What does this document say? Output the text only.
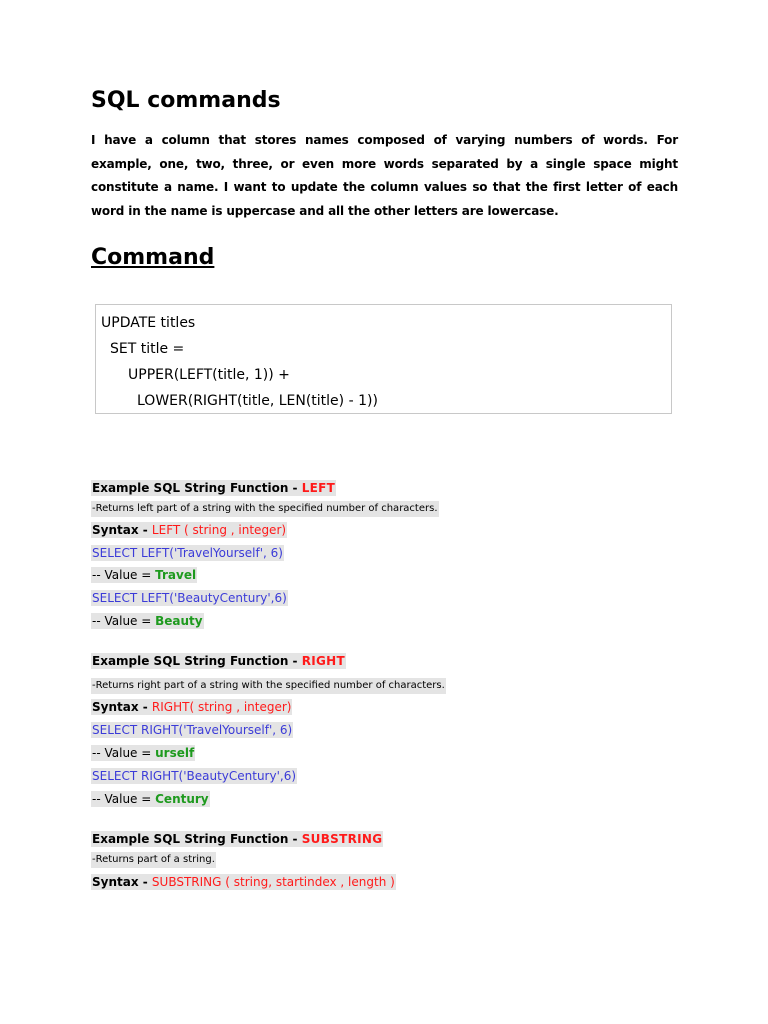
SQL commands

I have a column that stores names composed of varying numbers of words. For example, one, two, three, or even more words separated by a single space might constitute a name. I want to update the column values so that the first letter of each word in the name is uppercase and all the other letters are lowercase.

Command
UPDATE titles
SET title =
UPPER(LEFT(title, 1)) +
LOWER(RIGHT(title, LEN(title) - 1))
Example SQL String Function - LEFT
-Returns left part of a string with the specified number of characters.
Syntax - LEFT ( string , integer)
SELECT LEFT('TravelYourself', 6)
-- Value = Travel
SELECT LEFT('BeautyCentury',6)
-- Value = Beauty
Example SQL String Function - RIGHT
-Returns right part of a string with the specified number of characters.
Syntax - RIGHT( string , integer)
SELECT RIGHT('TravelYourself', 6)
-- Value = urself
SELECT RIGHT('BeautyCentury',6)
-- Value = Century
Example SQL String Function - SUBSTRING
-Returns part of a string.
Syntax - SUBSTRING ( string, startindex , length )
